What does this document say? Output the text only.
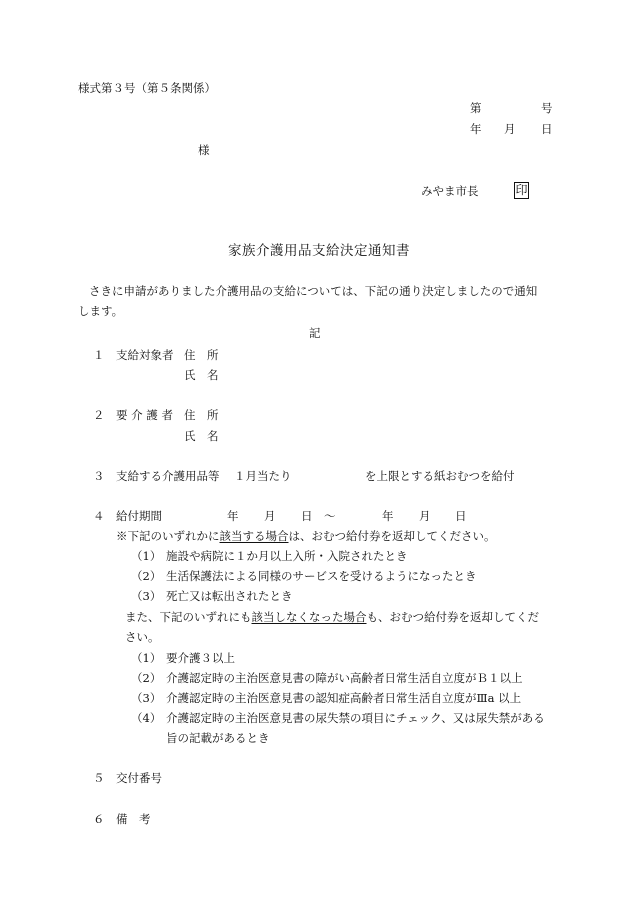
様式第３号（第５条関係）
第	号
年 月 日
様
みやま市長	印
家族介護用品支給決定通知書
さきに申請がありました介護用品の支給については、下記の通り決定しましたので通知
します。
記
１ 支給対象者 住　所
氏　名
２ 要 介 護 者 住　所
氏　名
３ 支給する介護用品等 １月当たり	を上限とする紙おむつを給付
４ 給付期間	年 月 日 ～	年 月 日
※下記のいずれかに該当する場合は、おむつ給付券を返却してください。
（1） 施設や病院に１か月以上入所・入院されたとき
（2） 生活保護法による同様のサービスを受けるようになったとき
（3） 死亡又は転出されたとき
また、下記のいずれにも該当しなくなった場合も、おむつ給付券を返却してくだ
さい。
（1） 要介護３以上
（2） 介護認定時の主治医意見書の障がい高齢者日常生活自立度がＢ１以上
（3） 介護認定時の主治医意見書の認知症高齢者日常生活自立度がⅢa 以上
（4） 介護認定時の主治医意見書の尿失禁の項目にチェック、又は尿失禁がある
旨の記載があるとき
５ 交付番号
６ 備　考
